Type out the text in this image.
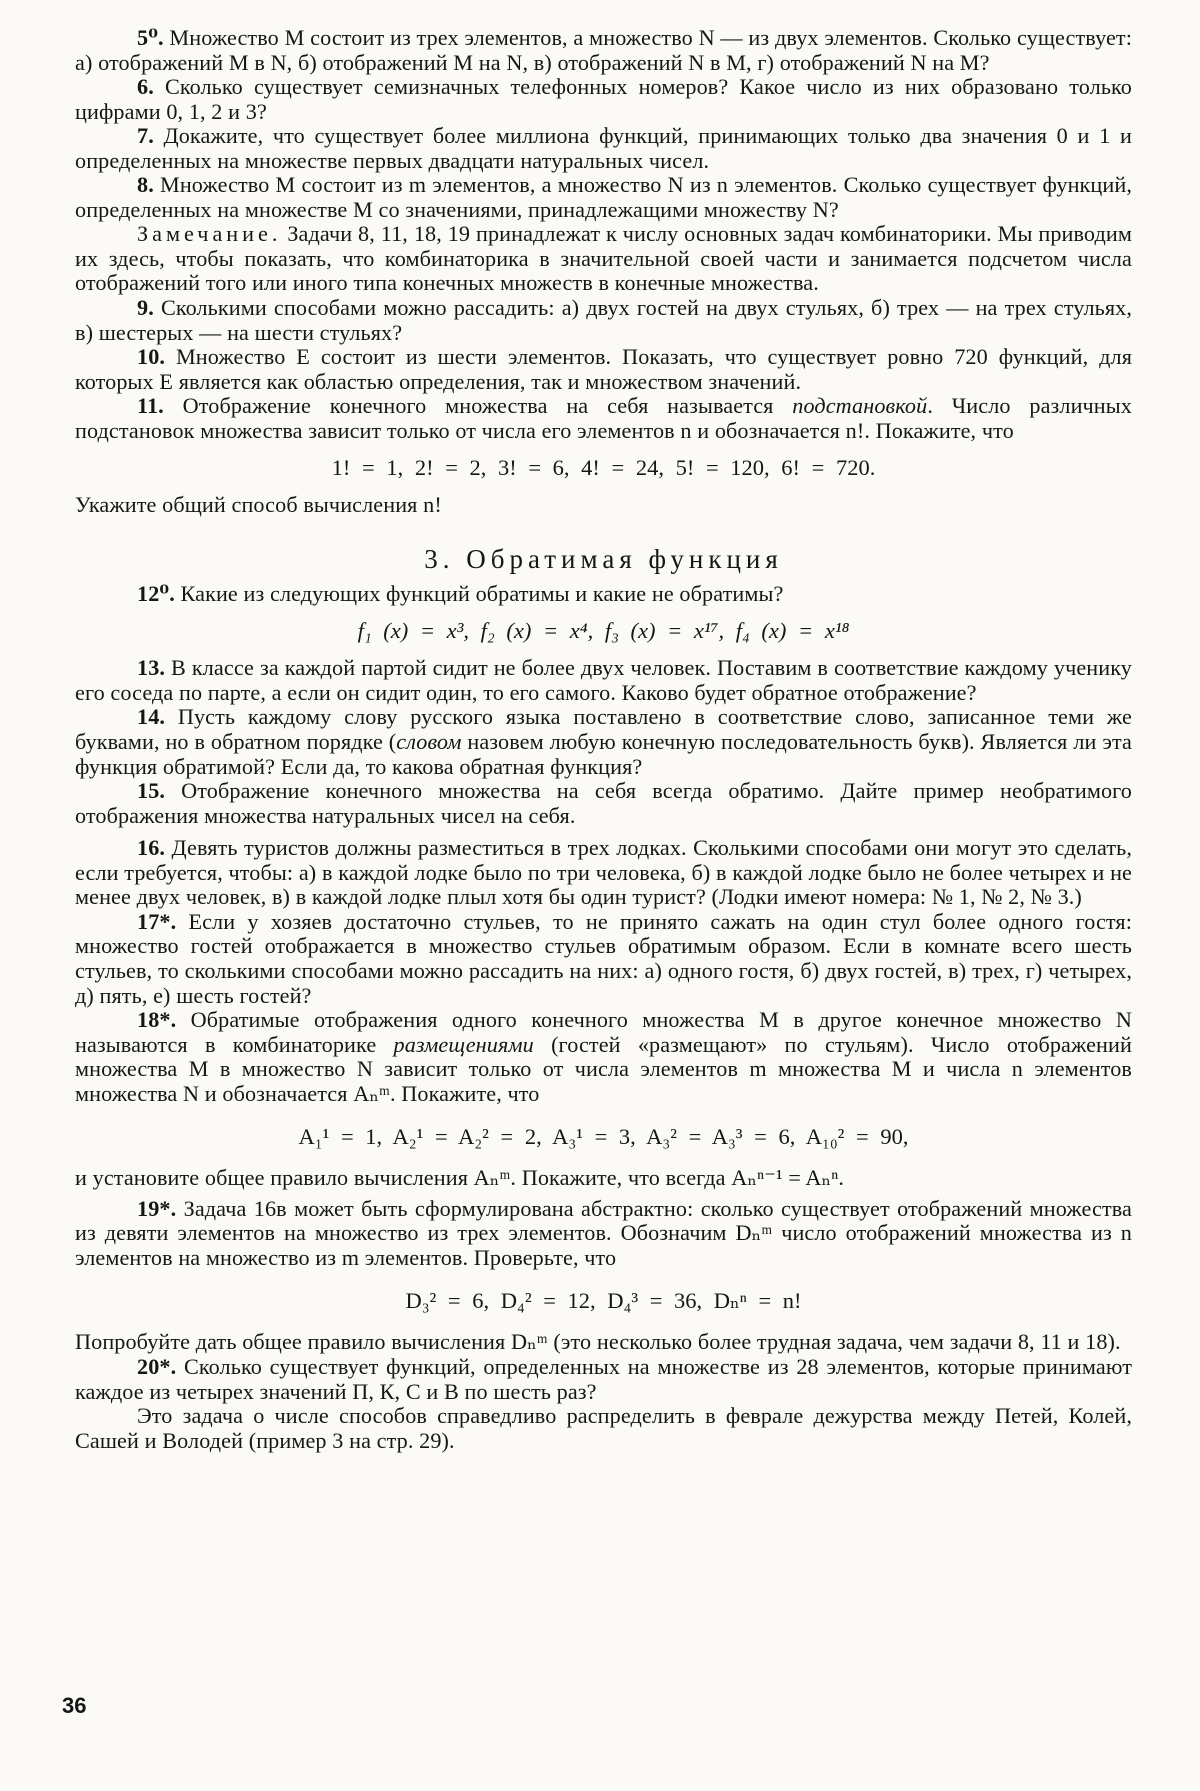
5⁰. Множество M состоит из трех элементов, а множество N — из двух элементов. Сколько существует: а) отображений M в N, б) отображений M на N, в) отображений N в M, г) отображений N на M?

6. Сколько существует семизначных телефонных номеров? Какое число из них образовано только цифрами 0, 1, 2 и 3?

7. Докажите, что существует более миллиона функций, принимающих только два значения 0 и 1 и определенных на множестве первых двадцати натуральных чисел.

8. Множество M состоит из m элементов, а множество N из n элементов. Сколько существует функций, определенных на множестве M со значениями, принадлежащими множеству N?

Замечание. Задачи 8, 11, 18, 19 принадлежат к числу основных задач комбинаторики. Мы приводим их здесь, чтобы показать, что комбинаторика в значительной своей части и занимается подсчетом числа отображений того или иного типа конечных множеств в конечные множества.

9. Сколькими способами можно рассадить: а) двух гостей на двух стульях, б) трех — на трех стульях, в) шестерых — на шести стульях?

10. Множество E состоит из шести элементов. Показать, что существует ровно 720 функций, для которых E является как областью определения, так и множеством значений.

11. Отображение конечного множества на себя называется подстановкой. Число различных подстановок множества зависит только от числа его элементов n и обозначается n!. Покажите, что

1! = 1, 2! = 2, 3! = 6, 4! = 24, 5! = 120, 6! = 720.

Укажите общий способ вычисления n!

3. Обратимая функция

12⁰. Какие из следующих функций обратимы и какие не обратимы?

f₁ (x) = x³, f₂ (x) = x⁴, f₃ (x) = x¹⁷, f₄ (x) = x¹⁸

13. В классе за каждой партой сидит не более двух человек. Поставим в соответствие каждому ученику его соседа по парте, а если он сидит один, то его самого. Каково будет обратное отображение?

14. Пусть каждому слову русского языка поставлено в соответствие слово, записанное теми же буквами, но в обратном порядке (словом назовем любую конечную последовательность букв). Является ли эта функция обратимой? Если да, то какова обратная функция?

15. Отображение конечного множества на себя всегда обратимо. Дайте пример необратимого отображения множества натуральных чисел на себя.

16. Девять туристов должны разместиться в трех лодках. Сколькими способами они могут это сделать, если требуется, чтобы: а) в каждой лодке было по три человека, б) в каждой лодке было не более четырех и не менее двух человек, в) в каждой лодке плыл хотя бы один турист? (Лодки имеют номера: № 1, № 2, № 3.)

17*. Если у хозяев достаточно стульев, то не принято сажать на один стул более одного гостя: множество гостей отображается в множество стульев обратимым образом. Если в комнате всего шесть стульев, то сколькими способами можно рассадить на них: а) одного гостя, б) двух гостей, в) трех, г) четырех, д) пять, е) шесть гостей?

18*. Обратимые отображения одного конечного множества M в другое конечное множество N называются в комбинаторике размещениями (гостей «размещают» по стульям). Число отображений множества M в множество N зависит только от числа элементов m множества M и числа n элементов множества N и обозначается Aₙᵐ. Покажите, что

A₁¹ = 1, A₂¹ = A₂² = 2, A₃¹ = 3, A₃² = A₃³ = 6, A₁₀² = 90,

и установите общее правило вычисления Aₙᵐ. Покажите, что всегда Aₙⁿ⁻¹ = Aₙⁿ.

19*. Задача 16в может быть сформулирована абстрактно: сколько существует отображений множества из девяти элементов на множество из трех элементов. Обозначим Dₙᵐ число отображений множества из n элементов на множество из m элементов. Проверьте, что

D₃² = 6, D₄² = 12, D₄³ = 36, Dₙⁿ = n!

Попробуйте дать общее правило вычисления Dₙᵐ (это несколько более трудная задача, чем задачи 8, 11 и 18).

20*. Сколько существует функций, определенных на множестве из 28 элементов, которые принимают каждое из четырех значений П, К, С и В по шесть раз?

Это задача о числе способов справедливо распределить в феврале дежурства между Петей, Колей, Сашей и Володей (пример 3 на стр. 29).

36
